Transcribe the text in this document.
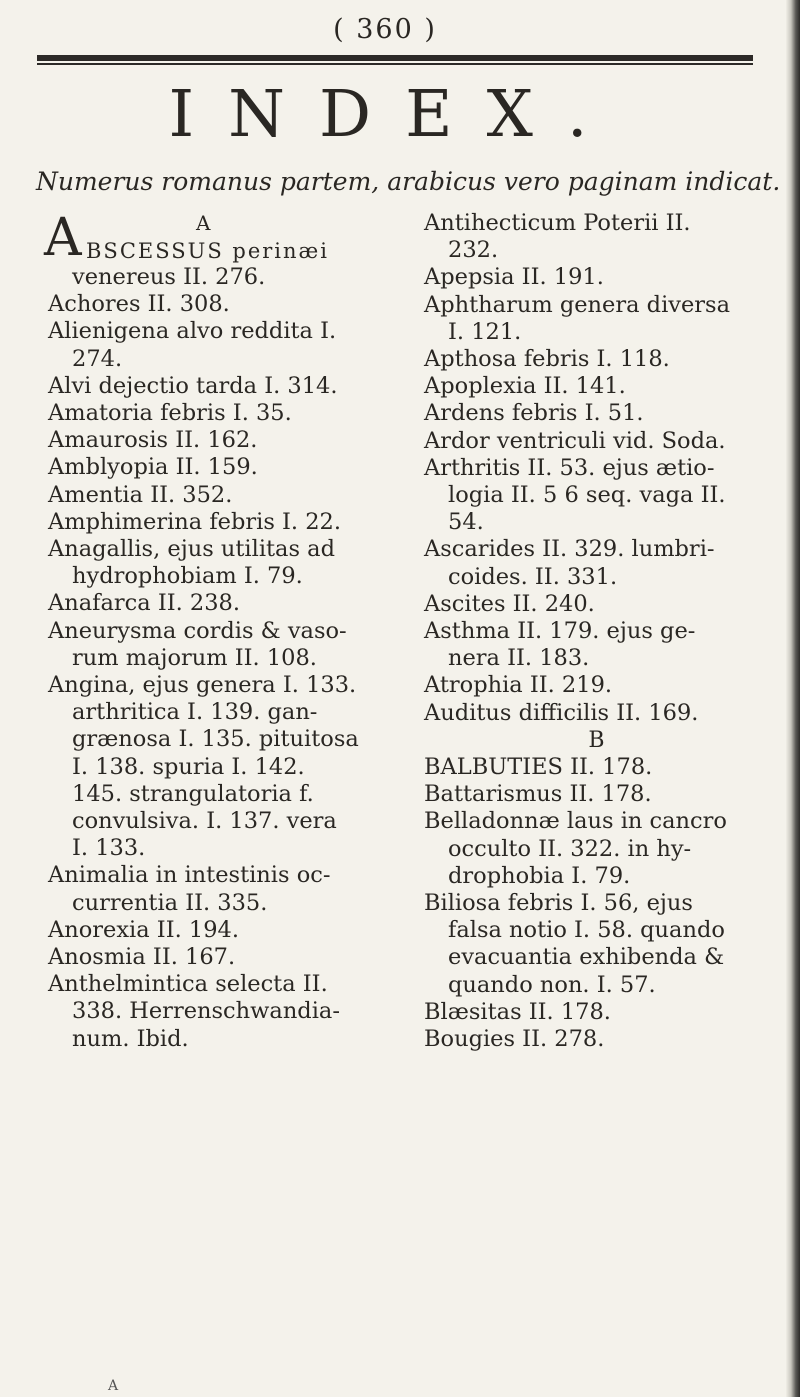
( 360 )
INDEX.
Numerus romanus partem, arabicus vero paginam indicat.
A	A
BSCESSUS perinæi

venereus II. 276.

Achores II. 308.

Alienigena alvo reddita I.

274.

Alvi dejectio tarda I. 314.

Amatoria febris I. 35.

Amaurosis II. 162.

Amblyopia II. 159.

Amentia II. 352.

Amphimerina febris I. 22.

Anagallis, ejus utilitas ad

hydrophobiam I. 79.

Anafarca II. 238.

Aneurysma cordis & vaso-

rum majorum II. 108.

Angina, ejus genera I. 133.

arthritica I. 139. gan-

grænosa I. 135. pituitosa

I. 138. spuria I. 142.

145. strangulatoria f.

convulsiva. I. 137. vera

I. 133.

Animalia in intestinis oc-

currentia II. 335.

Anorexia II. 194.

Anosmia II. 167.

Anthelmintica selecta II.

338. Herrenschwandia-

num. Ibid.

Antihecticum Poterii II.

232.

Apepsia II. 191.

Aphtharum genera diversa

I. 121.

Apthosa febris I. 118.

Apoplexia II. 141.

Ardens febris I. 51.

Ardor ventriculi vid. Soda.

Arthritis II. 53. ejus ætio-

logia II. 5 6 seq. vaga II.

54.

Ascarides II. 329. lumbri-

coides. II. 331.

Ascites II. 240.

Asthma II. 179. ejus ge-

nera II. 183.

Atrophia II. 219.

Auditus difficilis II. 169.

B

BALBUTIES II. 178.

Battarismus II. 178.

Belladonnæ laus in cancro

occulto II. 322. in hy-

drophobia I. 79.

Biliosa febris I. 56, ejus

falsa notio I. 58. quando

evacuantia exhibenda &

quando non. I. 57.

Blæsitas II. 178.

Bougies II. 278.

A
